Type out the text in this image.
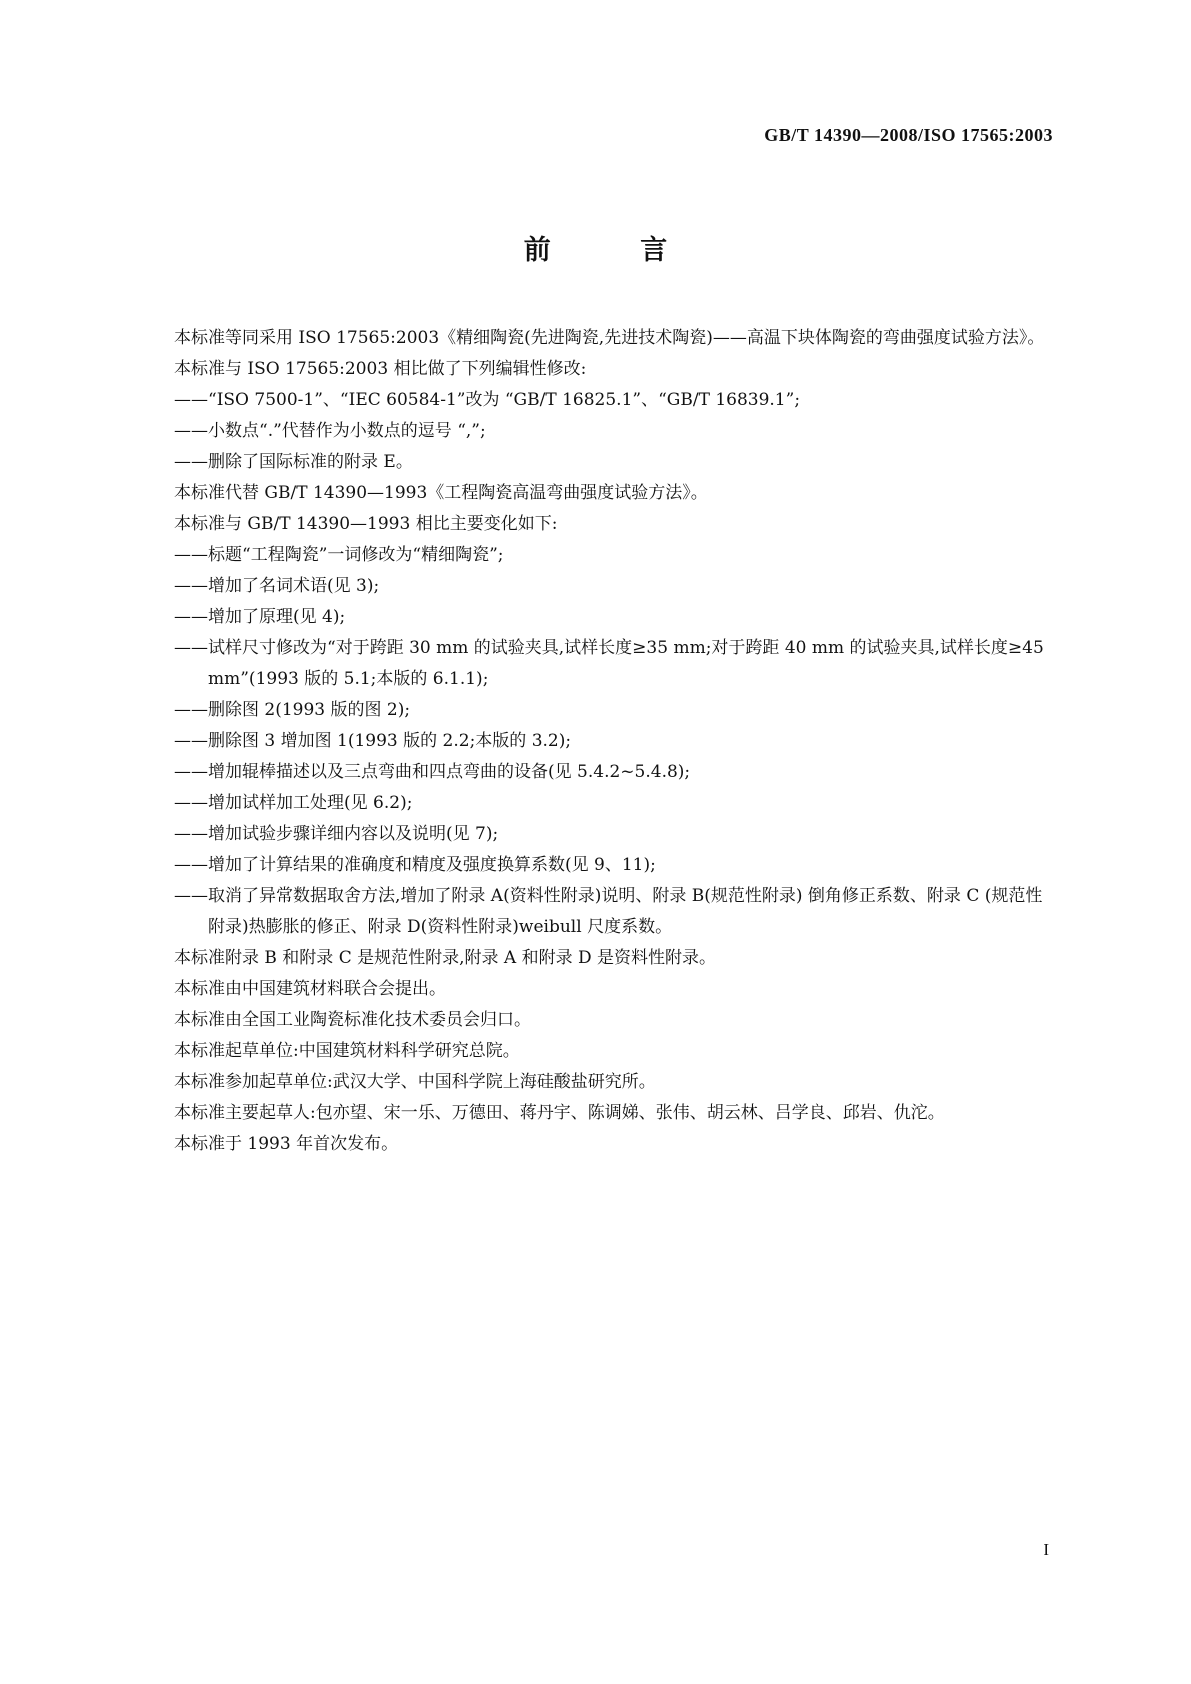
GB/T 14390—2008/ISO 17565:2003
前 言

本标准等同采用 ISO 17565:2003《精细陶瓷(先进陶瓷,先进技术陶瓷)——高温下块体陶瓷的弯曲强度试验方法》。

本标准与 ISO 17565:2003 相比做了下列编辑性修改:

——“ISO 7500-1”、“IEC 60584-1”改为 “GB/T 16825.1”、“GB/T 16839.1”;

——小数点“.”代替作为小数点的逗号 “,”;

——删除了国际标准的附录 E。

本标准代替 GB/T 14390—1993《工程陶瓷高温弯曲强度试验方法》。

本标准与 GB/T 14390—1993 相比主要变化如下:

——标题“工程陶瓷”一词修改为“精细陶瓷”;

——增加了名词术语(见 3);

——增加了原理(见 4);

——试样尺寸修改为“对于跨距 30 mm 的试验夹具,试样长度≥35 mm;对于跨距 40 mm 的试验夹具,试样长度≥45 mm”(1993 版的 5.1;本版的 6.1.1);

——删除图 2(1993 版的图 2);

——删除图 3 增加图 1(1993 版的 2.2;本版的 3.2);

——增加辊棒描述以及三点弯曲和四点弯曲的设备(见 5.4.2~5.4.8);

——增加试样加工处理(见 6.2);

——增加试验步骤详细内容以及说明(见 7);

——增加了计算结果的准确度和精度及强度换算系数(见 9、11);

——取消了异常数据取舍方法,增加了附录 A(资料性附录)说明、附录 B(规范性附录) 倒角修正系数、附录 C (规范性附录)热膨胀的修正、附录 D(资料性附录)weibull 尺度系数。

本标准附录 B 和附录 C 是规范性附录,附录 A 和附录 D 是资料性附录。

本标准由中国建筑材料联合会提出。

本标准由全国工业陶瓷标准化技术委员会归口。

本标准起草单位:中国建筑材料科学研究总院。

本标准参加起草单位:武汉大学、中国科学院上海硅酸盐研究所。

本标准主要起草人:包亦望、宋一乐、万德田、蒋丹宇、陈调娣、张伟、胡云林、吕学良、邱岩、仇沱。

本标准于 1993 年首次发布。

I
